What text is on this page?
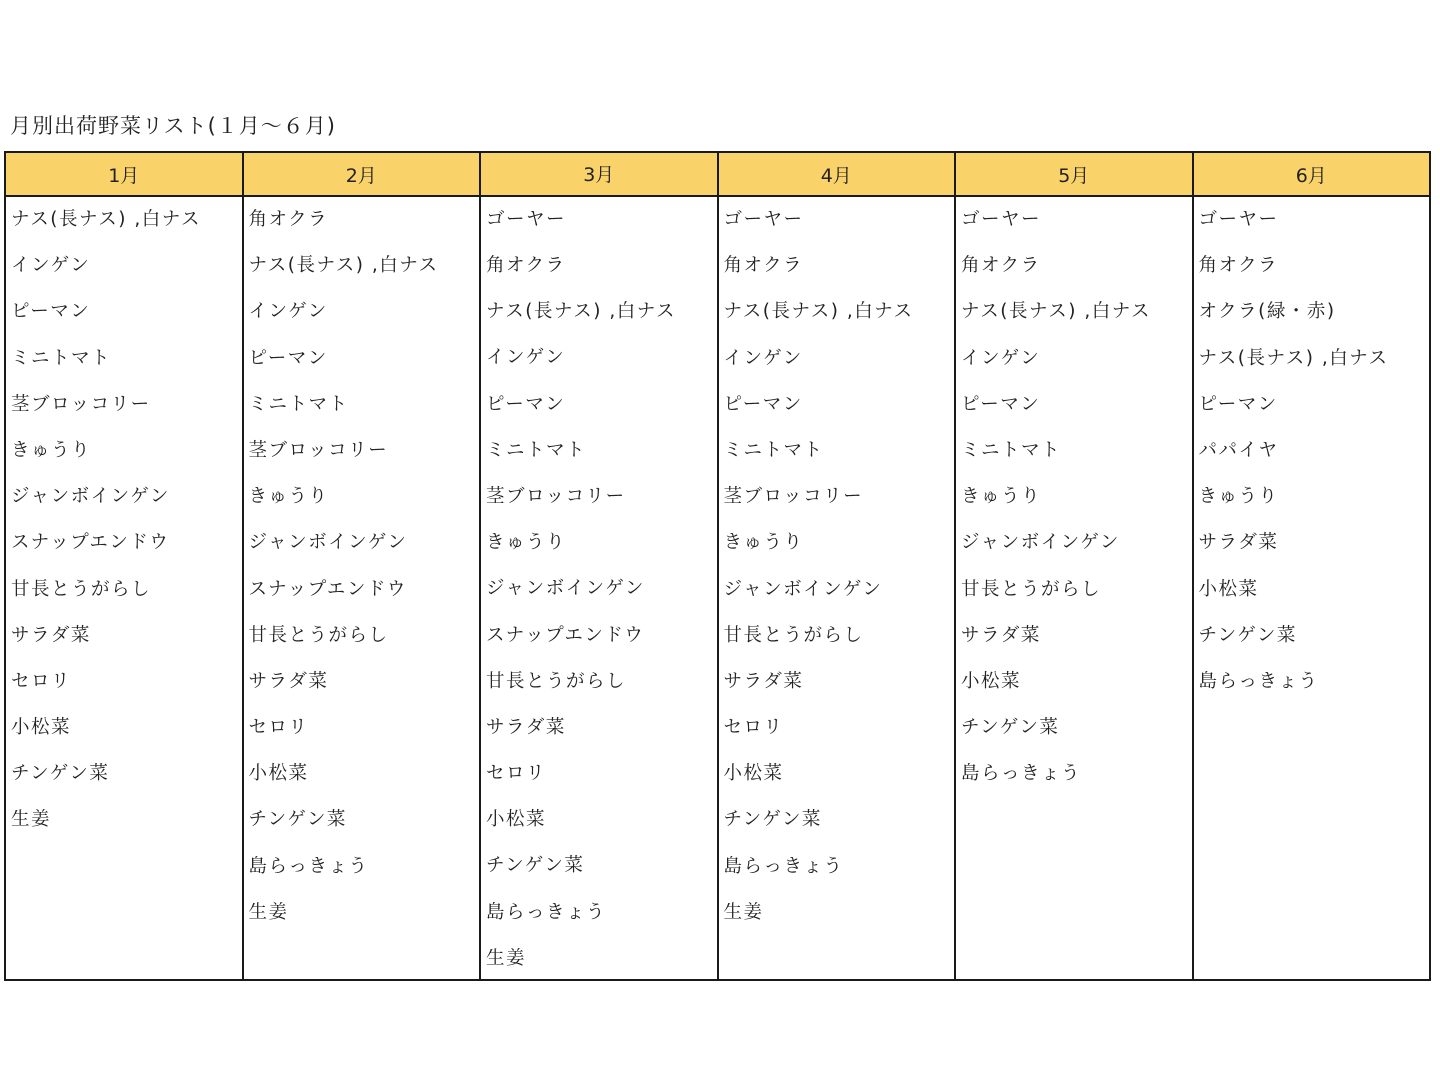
月別出荷野菜リスト(１月～６月)
1月
ナス(長ナス) ,白ナス
インゲン
ピーマン
ミニトマト
茎ブロッコリー
きゅうり
ジャンボインゲン
スナップエンドウ
甘長とうがらし
サラダ菜
セロリ
小松菜
チンゲン菜
生姜
2月
角オクラ
ナス(長ナス) ,白ナス
インゲン
ピーマン
ミニトマト
茎ブロッコリー
きゅうり
ジャンボインゲン
スナップエンドウ
甘長とうがらし
サラダ菜
セロリ
小松菜
チンゲン菜
島らっきょう
生姜
3月
ゴーヤー
角オクラ
ナス(長ナス) ,白ナス
インゲン
ピーマン
ミニトマト
茎ブロッコリー
きゅうり
ジャンボインゲン
スナップエンドウ
甘長とうがらし
サラダ菜
セロリ
小松菜
チンゲン菜
島らっきょう
生姜
4月
ゴーヤー
角オクラ
ナス(長ナス) ,白ナス
インゲン
ピーマン
ミニトマト
茎ブロッコリー
きゅうり
ジャンボインゲン
甘長とうがらし
サラダ菜
セロリ
小松菜
チンゲン菜
島らっきょう
生姜
5月
ゴーヤー
角オクラ
ナス(長ナス) ,白ナス
インゲン
ピーマン
ミニトマト
きゅうり
ジャンボインゲン
甘長とうがらし
サラダ菜
小松菜
チンゲン菜
島らっきょう
6月
ゴーヤー
角オクラ
オクラ(緑・赤)
ナス(長ナス) ,白ナス
ピーマン
パパイヤ
きゅうり
サラダ菜
小松菜
チンゲン菜
島らっきょう
